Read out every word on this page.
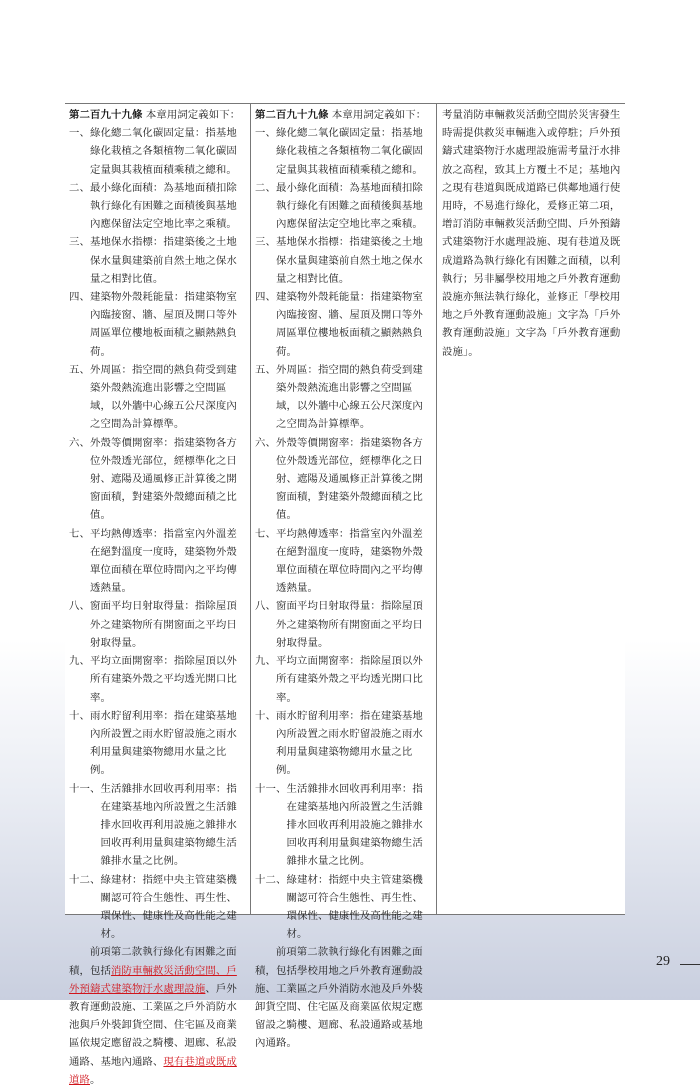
第二百九十九條 本章用詞定義如下：

一、 綠化總二氧化碳固定量：指基地綠化栽植之各類植物二氧化碳固定量與其栽植面積乘積之總和。
二、 最小綠化面積：為基地面積扣除執行綠化有困難之面積後與基地內應保留法定空地比率之乘積。
三、 基地保水指標：指建築後之土地保水量與建築前自然土地之保水量之相對比值。
四、 建築物外殼耗能量：指建築物室內臨接窗、牆、屋頂及開口等外周區單位樓地板面積之顯熱熱負荷。
五、 外周區：指空間的熱負荷受到建築外殼熱流進出影響之空間區域，以外牆中心線五公尺深度內之空間為計算標準。
六、 外殼等價開窗率：指建築物各方位外殼透光部位，經標準化之日射、遮陽及通風修正計算後之開窗面積，對建築外殼總面積之比值。
七、 平均熱傳透率：指當室內外溫差在絕對溫度一度時，建築物外殼單位面積在單位時間內之平均傳透熱量。
八、 窗面平均日射取得量：指除屋頂外之建築物所有開窗面之平均日射取得量。
九、 平均立面開窗率：指除屋頂以外所有建築外殼之平均透光開口比率。
十、 雨水貯留利用率：指在建築基地內所設置之雨水貯留設施之雨水利用量與建築物總用水量之比例。
十一、 生活雜排水回收再利用率：指在建築基地內所設置之生活雜排水回收再利用設施之雜排水回收再利用量與建築物總生活雜排水量之比例。
十二、 綠建材：指經中央主管建築機關認可符合生態性、再生性、環保性、健康性及高性能之建材。

前項第二款執行綠化有困難之面積，包括消防車輛救災活動空間、戶外預鑄式建築物汙水處理設施、戶外教育運動設施、工業區之戶外消防水池與戶外裝卸貨空間、住宅區及商業區依規定應留設之騎樓、迴廊、私設通路、基地內通路、現有巷道或既成道路。

第二百九十九條 本章用詞定義如下：

一、 綠化總二氧化碳固定量：指基地綠化栽植之各類植物二氧化碳固定量與其栽植面積乘積之總和。
二、 最小綠化面積：為基地面積扣除執行綠化有困難之面積後與基地內應保留法定空地比率之乘積。
三、 基地保水指標：指建築後之土地保水量與建築前自然土地之保水量之相對比值。
四、 建築物外殼耗能量：指建築物室內臨接窗、牆、屋頂及開口等外周區單位樓地板面積之顯熱熱負荷。
五、 外周區：指空間的熱負荷受到建築外殼熱流進出影響之空間區域，以外牆中心線五公尺深度內之空間為計算標準。
六、 外殼等價開窗率：指建築物各方位外殼透光部位，經標準化之日射、遮陽及通風修正計算後之開窗面積，對建築外殼總面積之比值。
七、 平均熱傳透率：指當室內外溫差在絕對溫度一度時，建築物外殼單位面積在單位時間內之平均傳透熱量。
八、 窗面平均日射取得量：指除屋頂外之建築物所有開窗面之平均日射取得量。
九、 平均立面開窗率：指除屋頂以外所有建築外殼之平均透光開口比率。
十、 雨水貯留利用率：指在建築基地內所設置之雨水貯留設施之雨水利用量與建築物總用水量之比例。
十一、 生活雜排水回收再利用率：指在建築基地內所設置之生活雜排水回收再利用設施之雜排水回收再利用量與建築物總生活雜排水量之比例。
十二、 綠建材：指經中央主管建築機關認可符合生態性、再生性、環保性、健康性及高性能之建材。

前項第二款執行綠化有困難之面積，包括學校用地之戶外教育運動設施、工業區之戶外消防水池及戶外裝卸貨空間、住宅區及商業區依規定應留設之騎樓、迴廊、私設通路或基地內通路。

考量消防車輛救災活動空間於災害發生時需提供救災車輛進入或停駐；戶外預鑄式建築物汙水處理設施需考量汙水排放之高程，致其上方覆土不足；基地內之現有巷道與既成道路已供鄰地通行使用時，不易進行綠化，爰修正第二項，增訂消防車輛救災活動空間、戶外預鑄式建築物汙水處理設施、現有巷道及既成道路為執行綠化有困難之面積，以利執行；另非屬學校用地之戶外教育運動設施亦無法執行綠化，並修正「學校用地之戶外教育運動設施」文字為「戶外教育運動設施」文字為「戶外教育運動設施」。

29
